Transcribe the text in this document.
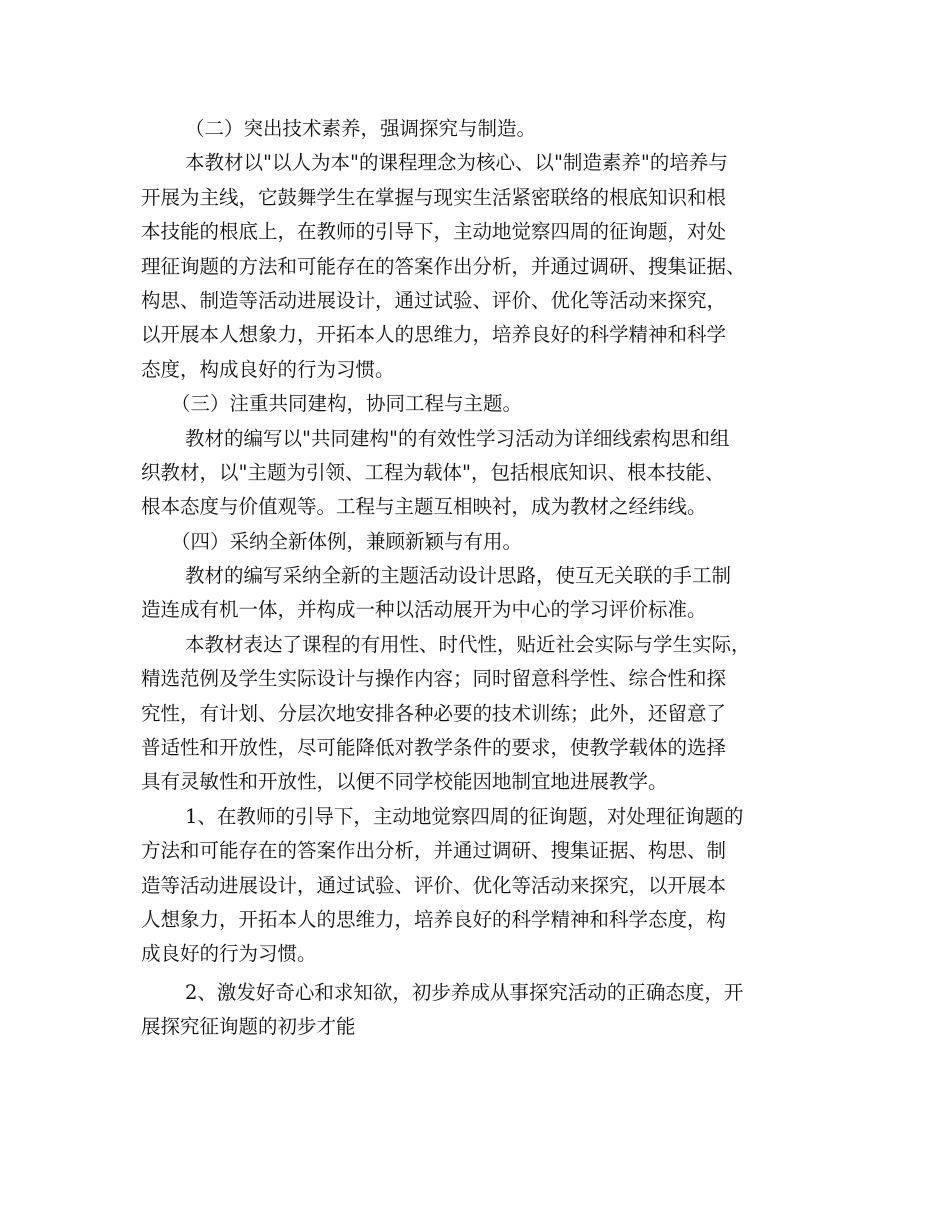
（二）突出技术素养，强调探究与制造。
本教材以"以人为本"的课程理念为核心、以"制造素养"的培养与
开展为主线，它鼓舞学生在掌握与现实生活紧密联络的根底知识和根
本技能的根底上，在教师的引导下，主动地觉察四周的征询题，对处
理征询题的方法和可能存在的答案作出分析，并通过调研、搜集证据、
构思、制造等活动进展设计，通过试验、评价、优化等活动来探究，
以开展本人想象力，开拓本人的思维力，培养良好的科学精神和科学
态度，构成良好的行为习惯。
（三）注重共同建构，协同工程与主题。
教材的编写以"共同建构"的有效性学习活动为详细线索构思和组
织教材，以"主题为引领、工程为载体"，包括根底知识、根本技能、
根本态度与价值观等。工程与主题互相映衬，成为教材之经纬线。
（四）采纳全新体例，兼顾新颖与有用。
教材的编写采纳全新的主题活动设计思路，使互无关联的手工制
造连成有机一体，并构成一种以活动展开为中心的学习评价标准。
本教材表达了课程的有用性、时代性，贴近社会实际与学生实际，
精选范例及学生实际设计与操作内容；同时留意科学性、综合性和探
究性，有计划、分层次地安排各种必要的技术训练；此外，还留意了
普适性和开放性，尽可能降低对教学条件的要求，使教学载体的选择
具有灵敏性和开放性，以便不同学校能因地制宜地进展教学。
1、在教师的引导下，主动地觉察四周的征询题，对处理征询题的
方法和可能存在的答案作出分析，并通过调研、搜集证据、构思、制
造等活动进展设计，通过试验、评价、优化等活动来探究，以开展本
人想象力，开拓本人的思维力，培养良好的科学精神和科学态度，构
成良好的行为习惯。
2、激发好奇心和求知欲，初步养成从事探究活动的正确态度，开
展探究征询题的初步才能
